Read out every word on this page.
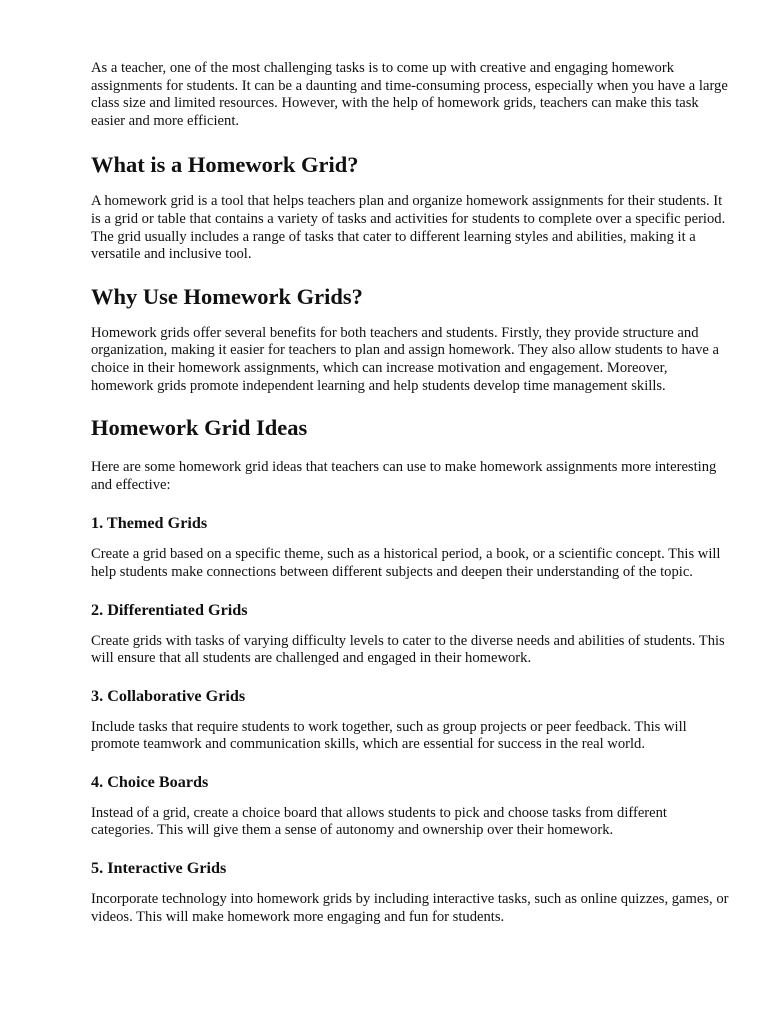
As a teacher, one of the most challenging tasks is to come up with creative and engaging homework assignments for students. It can be a daunting and time-consuming process, especially when you have a large class size and limited resources. However, with the help of homework grids, teachers can make this task easier and more efficient.

What is a Homework Grid?

A homework grid is a tool that helps teachers plan and organize homework assignments for their students. It is a grid or table that contains a variety of tasks and activities for students to complete over a specific period. The grid usually includes a range of tasks that cater to different learning styles and abilities, making it a versatile and inclusive tool.

Why Use Homework Grids?

Homework grids offer several benefits for both teachers and students. Firstly, they provide structure and organization, making it easier for teachers to plan and assign homework. They also allow students to have a choice in their homework assignments, which can increase motivation and engagement. Moreover, homework grids promote independent learning and help students develop time management skills.

Homework Grid Ideas

Here are some homework grid ideas that teachers can use to make homework assignments more interesting and effective:

1. Themed Grids

Create a grid based on a specific theme, such as a historical period, a book, or a scientific concept. This will help students make connections between different subjects and deepen their understanding of the topic.

2. Differentiated Grids

Create grids with tasks of varying difficulty levels to cater to the diverse needs and abilities of students. This will ensure that all students are challenged and engaged in their homework.

3. Collaborative Grids

Include tasks that require students to work together, such as group projects or peer feedback. This will promote teamwork and communication skills, which are essential for success in the real world.

4. Choice Boards

Instead of a grid, create a choice board that allows students to pick and choose tasks from different categories. This will give them a sense of autonomy and ownership over their homework.

5. Interactive Grids

Incorporate technology into homework grids by including interactive tasks, such as online quizzes, games, or videos. This will make homework more engaging and fun for students.
